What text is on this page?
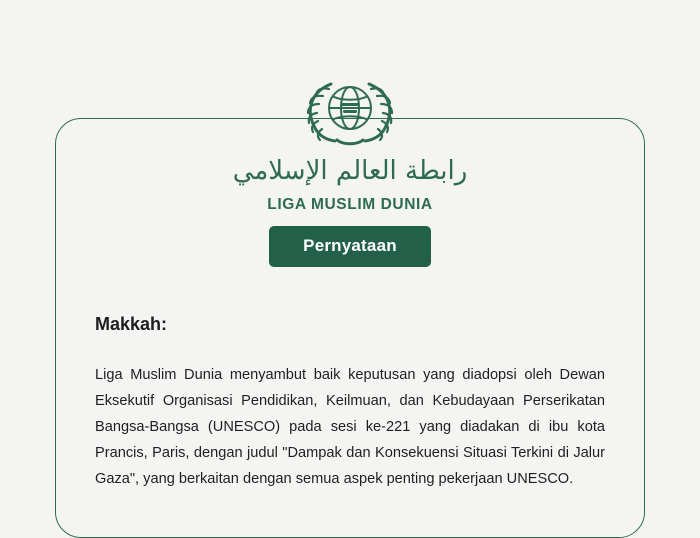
رابطة العالم الإسلامي
LIGA MUSLIM DUNIA
Pernyataan
Makkah:
Liga Muslim Dunia menyambut baik keputusan yang diadopsi oleh Dewan Eksekutif Organisasi Pendidikan, Keilmuan, dan Kebudayaan Perserikatan Bangsa-Bangsa (UNESCO) pada sesi ke-221 yang diadakan di ibu kota Prancis, Paris, dengan judul "Dampak dan Konsekuensi Situasi Terkini di Jalur Gaza", yang berkaitan dengan semua aspek penting pekerjaan UNESCO.
